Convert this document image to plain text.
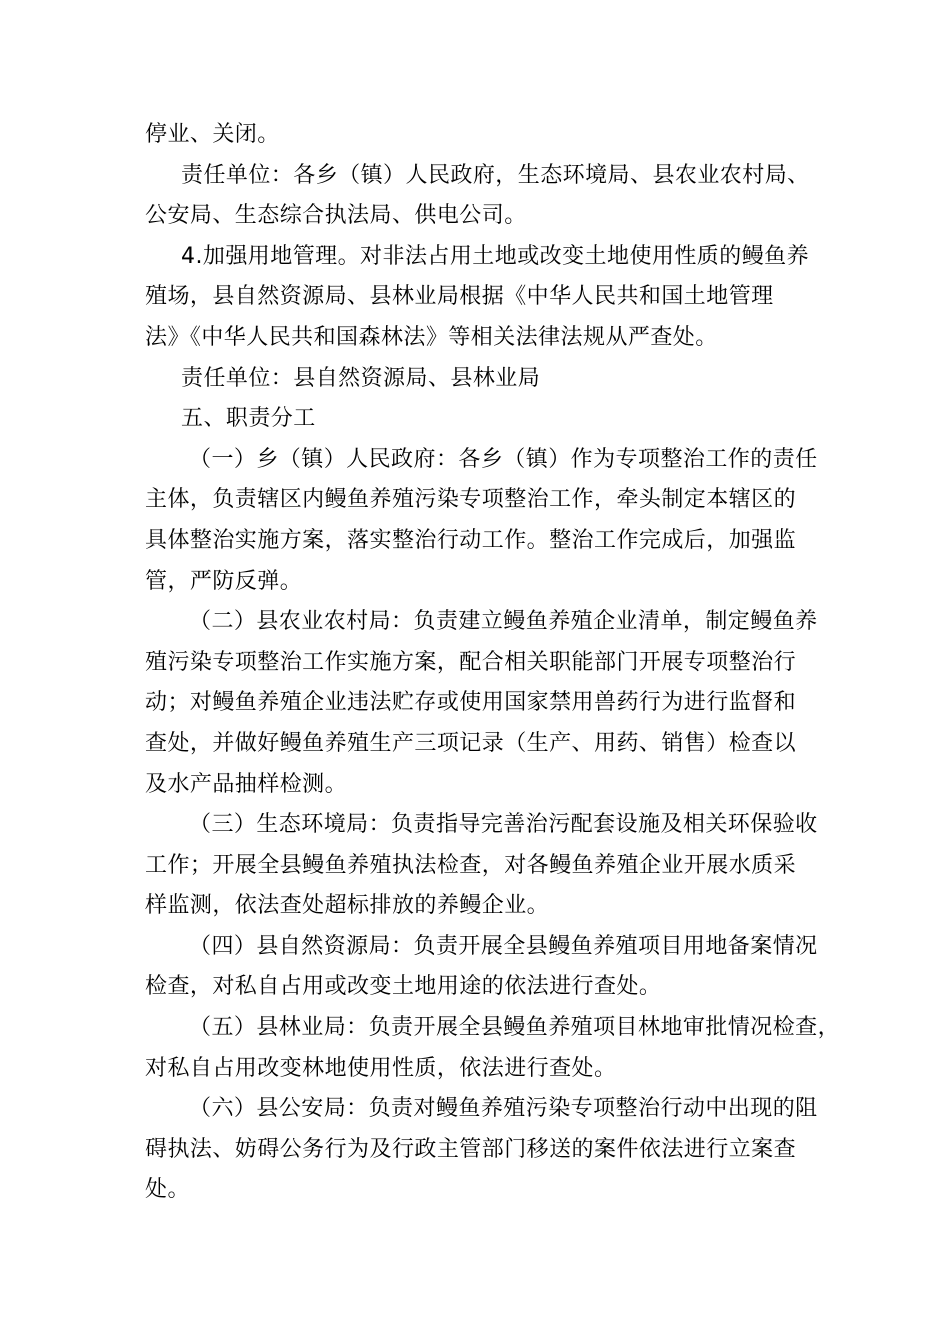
停业、关闭。
责任单位：各乡（镇）人民政府，生态环境局、县农业农村局、
公安局、生态综合执法局、供电公司。
4.加强用地管理。对非法占用土地或改变土地使用性质的鳗鱼养
殖场，县自然资源局、县林业局根据《中华人民共和国土地管理
法》《中华人民共和国森林法》等相关法律法规从严查处。
责任单位：县自然资源局、县林业局
五、职责分工
（一）乡（镇）人民政府：各乡（镇）作为专项整治工作的责任
主体，负责辖区内鳗鱼养殖污染专项整治工作，牵头制定本辖区的
具体整治实施方案，落实整治行动工作。整治工作完成后，加强监
管，严防反弹。
（二）县农业农村局：负责建立鳗鱼养殖企业清单，制定鳗鱼养
殖污染专项整治工作实施方案，配合相关职能部门开展专项整治行
动；对鳗鱼养殖企业违法贮存或使用国家禁用兽药行为进行监督和
查处，并做好鳗鱼养殖生产三项记录（生产、用药、销售）检查以
及水产品抽样检测。
（三）生态环境局：负责指导完善治污配套设施及相关环保验收
工作；开展全县鳗鱼养殖执法检查，对各鳗鱼养殖企业开展水质采
样监测，依法查处超标排放的养鳗企业。
（四）县自然资源局：负责开展全县鳗鱼养殖项目用地备案情况
检查，对私自占用或改变土地用途的依法进行查处。
（五）县林业局：负责开展全县鳗鱼养殖项目林地审批情况检查，
对私自占用改变林地使用性质，依法进行查处。
（六）县公安局：负责对鳗鱼养殖污染专项整治行动中出现的阻
碍执法、妨碍公务行为及行政主管部门移送的案件依法进行立案查
处。
